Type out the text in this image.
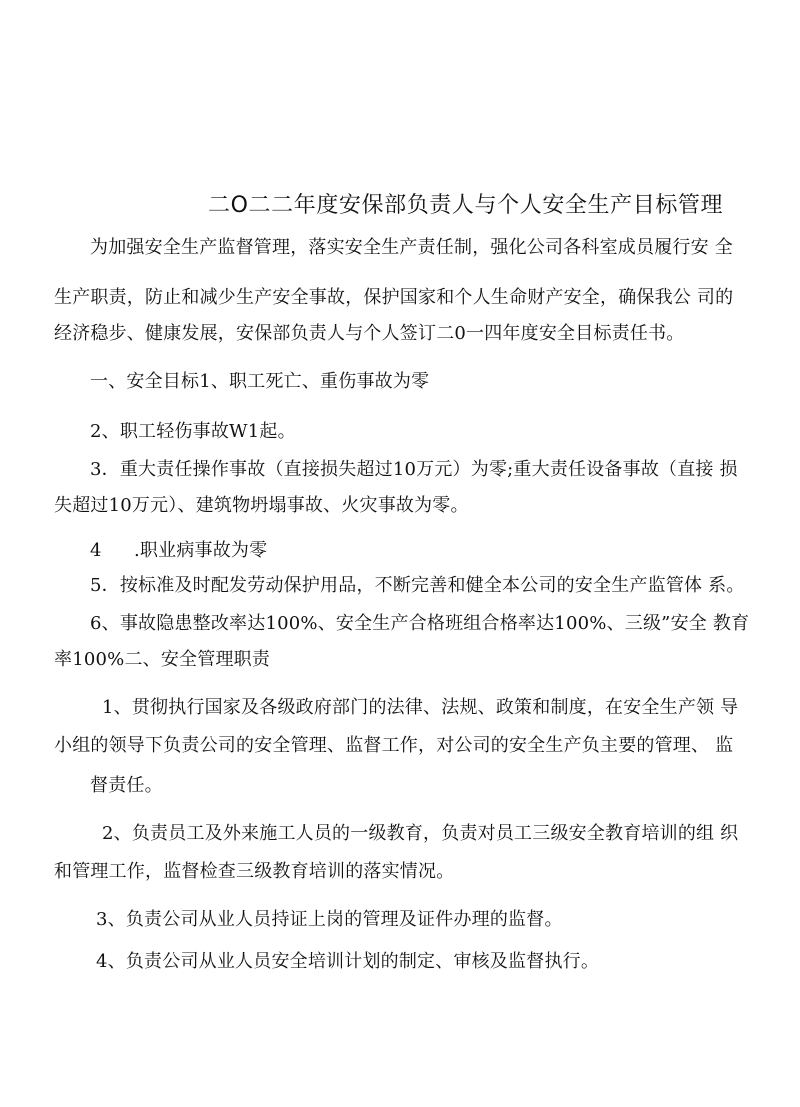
二O二二年度安保部负责人与个人安全生产目标管理
为加强安全生产监督管理，落实安全生产责任制，强化公司各科室成员履行安 全
生产职责，防止和减少生产安全事故，保护国家和个人生命财产安全，确保我公 司的
经济稳步、健康发展，安保部负责人与个人签订二0一四年度安全目标责任书。
一、安全目标1、职工死亡、重伤事故为零
2、职工轻伤事故W1起。
3．重大责任操作事故（直接损失超过10万元）为零;重大责任设备事故（直接 损
失超过10万元）、建筑物坍塌事故、火灾事故为零。
4 .职业病事故为零
5．按标准及时配发劳动保护用品，不断完善和健全本公司的安全生产监管体 系。
6、事故隐患整改率达100%、安全生产合格班组合格率达100%、三级”安全 教育
率100%二、安全管理职责
1、贯彻执行国家及各级政府部门的法律、法规、政策和制度，在安全生产领 导
小组的领导下负责公司的安全管理、监督工作，对公司的安全生产负主要的管理、 监
督责任。
2、负责员工及外来施工人员的一级教育，负责对员工三级安全教育培训的组 织
和管理工作，监督检查三级教育培训的落实情况。
3、负责公司从业人员持证上岗的管理及证件办理的监督。
4、负责公司从业人员安全培训计划的制定、审核及监督执行。
